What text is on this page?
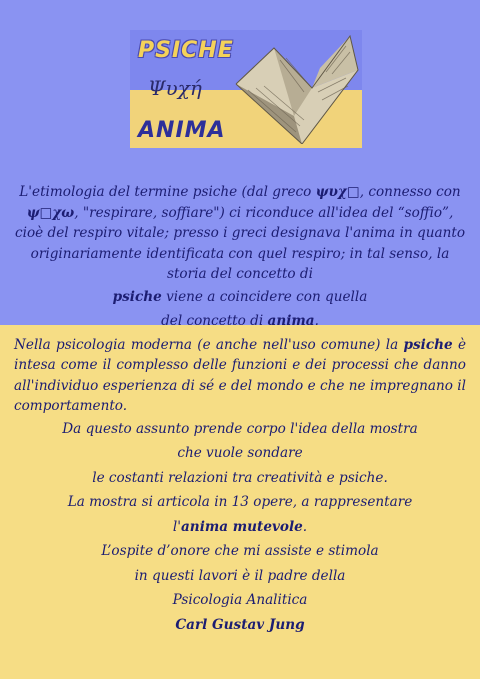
PSICHE
Ψυχή
ANIMA

L'etimologia del termine psiche (dal greco ψυχ□, connesso con ψ□χω, "respirare, soffiare") ci riconduce all'idea del “soffio”, cioè del respiro vitale; presso i greci designava l'anima in quanto originariamente identificata con quel respiro; in tal senso, la storia del concetto di

psiche viene a coincidere con quella

del concetto di anima.

Nella psicologia moderna (e anche nell'uso comune) la psiche è intesa come il complesso delle funzioni e dei processi che danno all'individuo esperienza di sé e del mondo e che ne impregnano il comportamento.

Da questo assunto prende corpo l'idea della mostra

che vuole sondare

le costanti relazioni tra creatività e psiche.

La mostra si articola in 13 opere, a rappresentare

l'anima mutevole.

L’ospite d’onore che mi assiste e stimola

in questi lavori è il padre della

Psicologia Analitica

Carl Gustav Jung
